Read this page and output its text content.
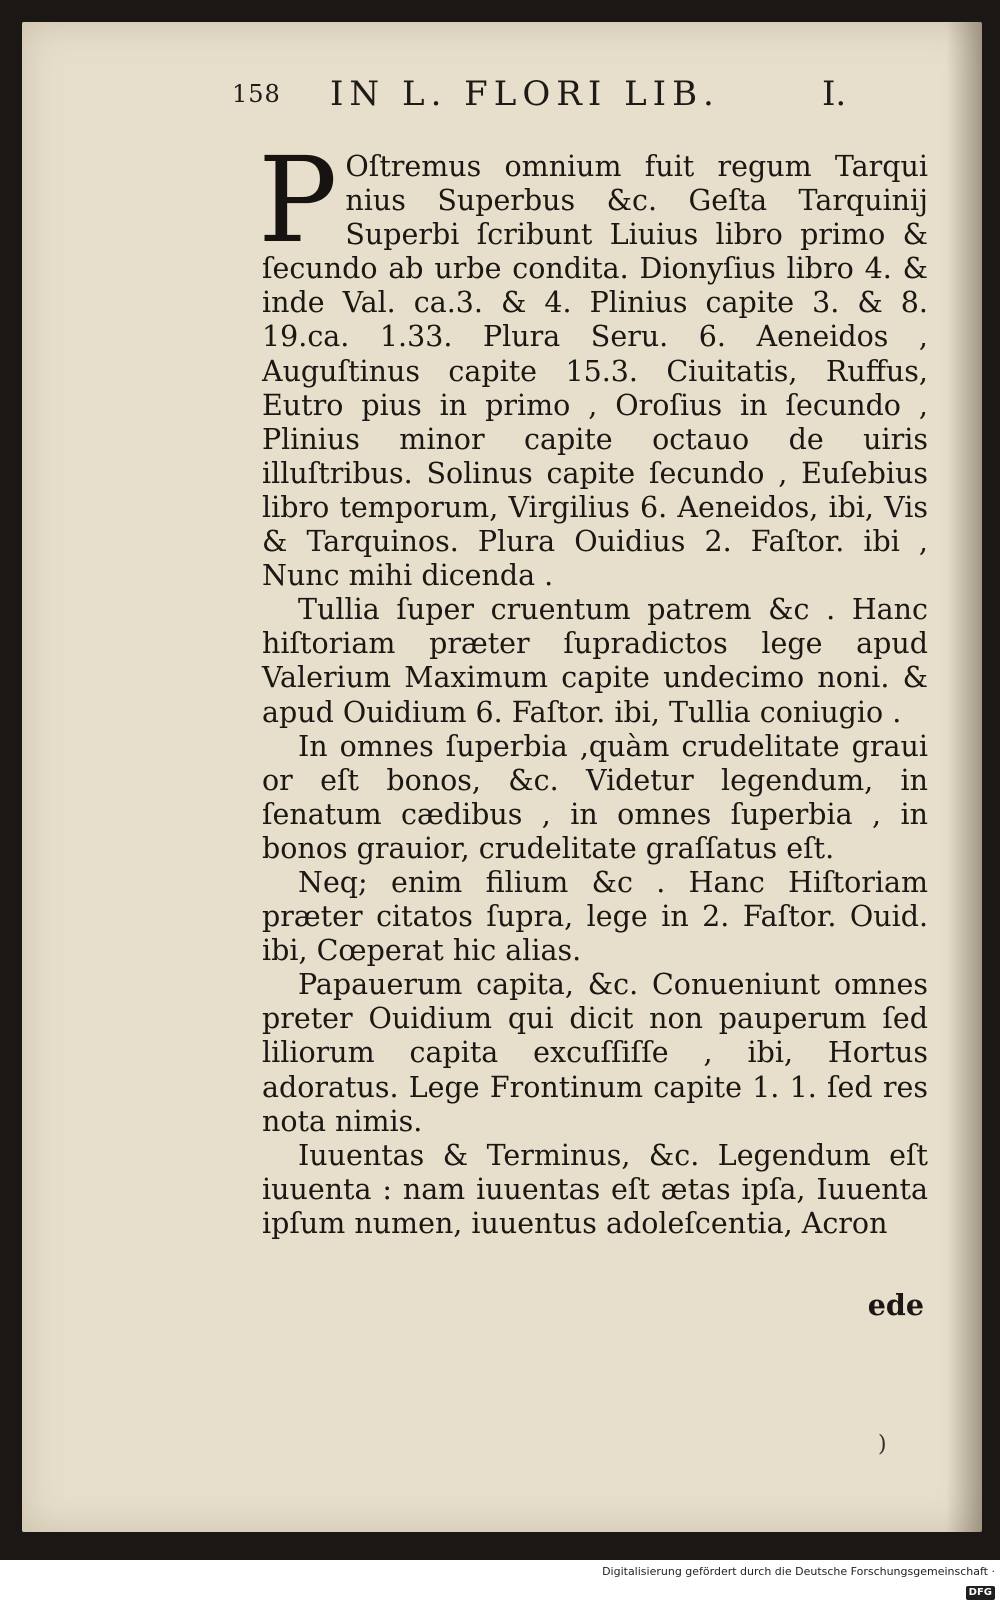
158 IN L. FLORI LIB.	I.

P Oſtremus omnium fuit regum Tarqui nius Superbus &c. Geſta Tarquinij Superbi ſcribunt Liuius libro primo & ſecundo ab urbe condita. Dionyſius libro 4. & inde Val. ca.3. & 4. Plinius capite 3. & 8. 19.ca. 1.33. Plura Seru. 6. Aeneidos , Auguſtinus capite 15.3. Ciuitatis, Ruffus, Eutro pius in primo , Oroſius in ſecundo , Plinius minor capite octauo de uiris illuſtribus. Solinus capite ſecundo , Euſebius libro temporum, Virgilius 6. Aeneidos, ibi, Vis & Tarquinos. Plura Ouidius 2. Faſtor. ibi , Nunc mihi dicenda .

Tullia ſuper cruentum patrem &c . Hanc hiſtoriam præter ſupradictos lege apud Valerium Maximum capite undecimo noni. & apud Ouidium 6. Faſtor. ibi, Tullia coniugio .

In omnes ſuperbia ,quàm crudelitate graui or eſt bonos, &c. Videtur legendum, in ſenatum cædibus , in omnes ſuperbia , in bonos grauior, crudelitate graſſatus eſt.

Neq; enim filium &c . Hanc Hiſtoriam præter citatos ſupra, lege in 2. Faſtor. Ouid. ibi, Cœperat hic alias.

Papauerum capita, &c. Conueniunt omnes preter Ouidium qui dicit non pauperum ſed liliorum capita excuſſiſſe , ibi, Hortus adoratus. Lege Frontinum capite 1. 1. ſed res nota nimis.

Iuuentas & Terminus, &c. Legendum eſt iuuenta : nam iuuentas eſt ætas ipſa, Iuuenta ipſum numen, iuuentus adoleſcentia, Acron

ede
)
Digitalisierung gefördert durch die Deutsche Forschungsgemeinschaft ·DFG
